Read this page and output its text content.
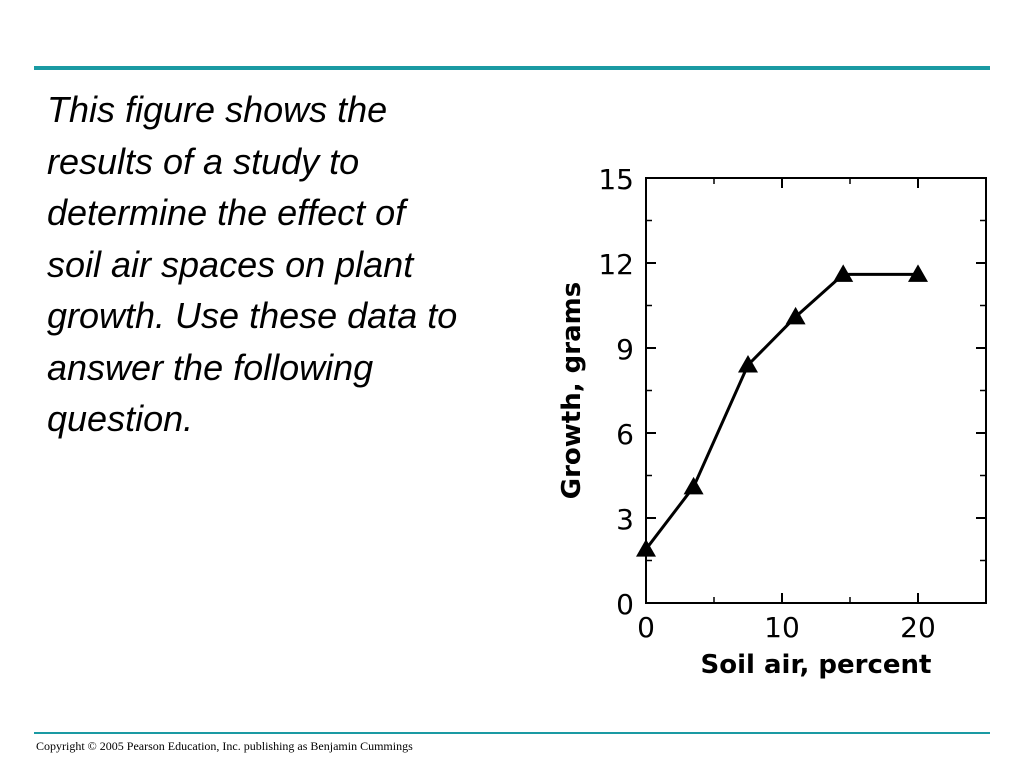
This figure shows the results of a study to determine the effect of soil air spaces on plant growth. Use these data to answer the following question.

0
3
6
9
12
15
0	10	20
Soil air, percent
Growth, grams
Copyright © 2005 Pearson Education, Inc. publishing as Benjamin Cummings
